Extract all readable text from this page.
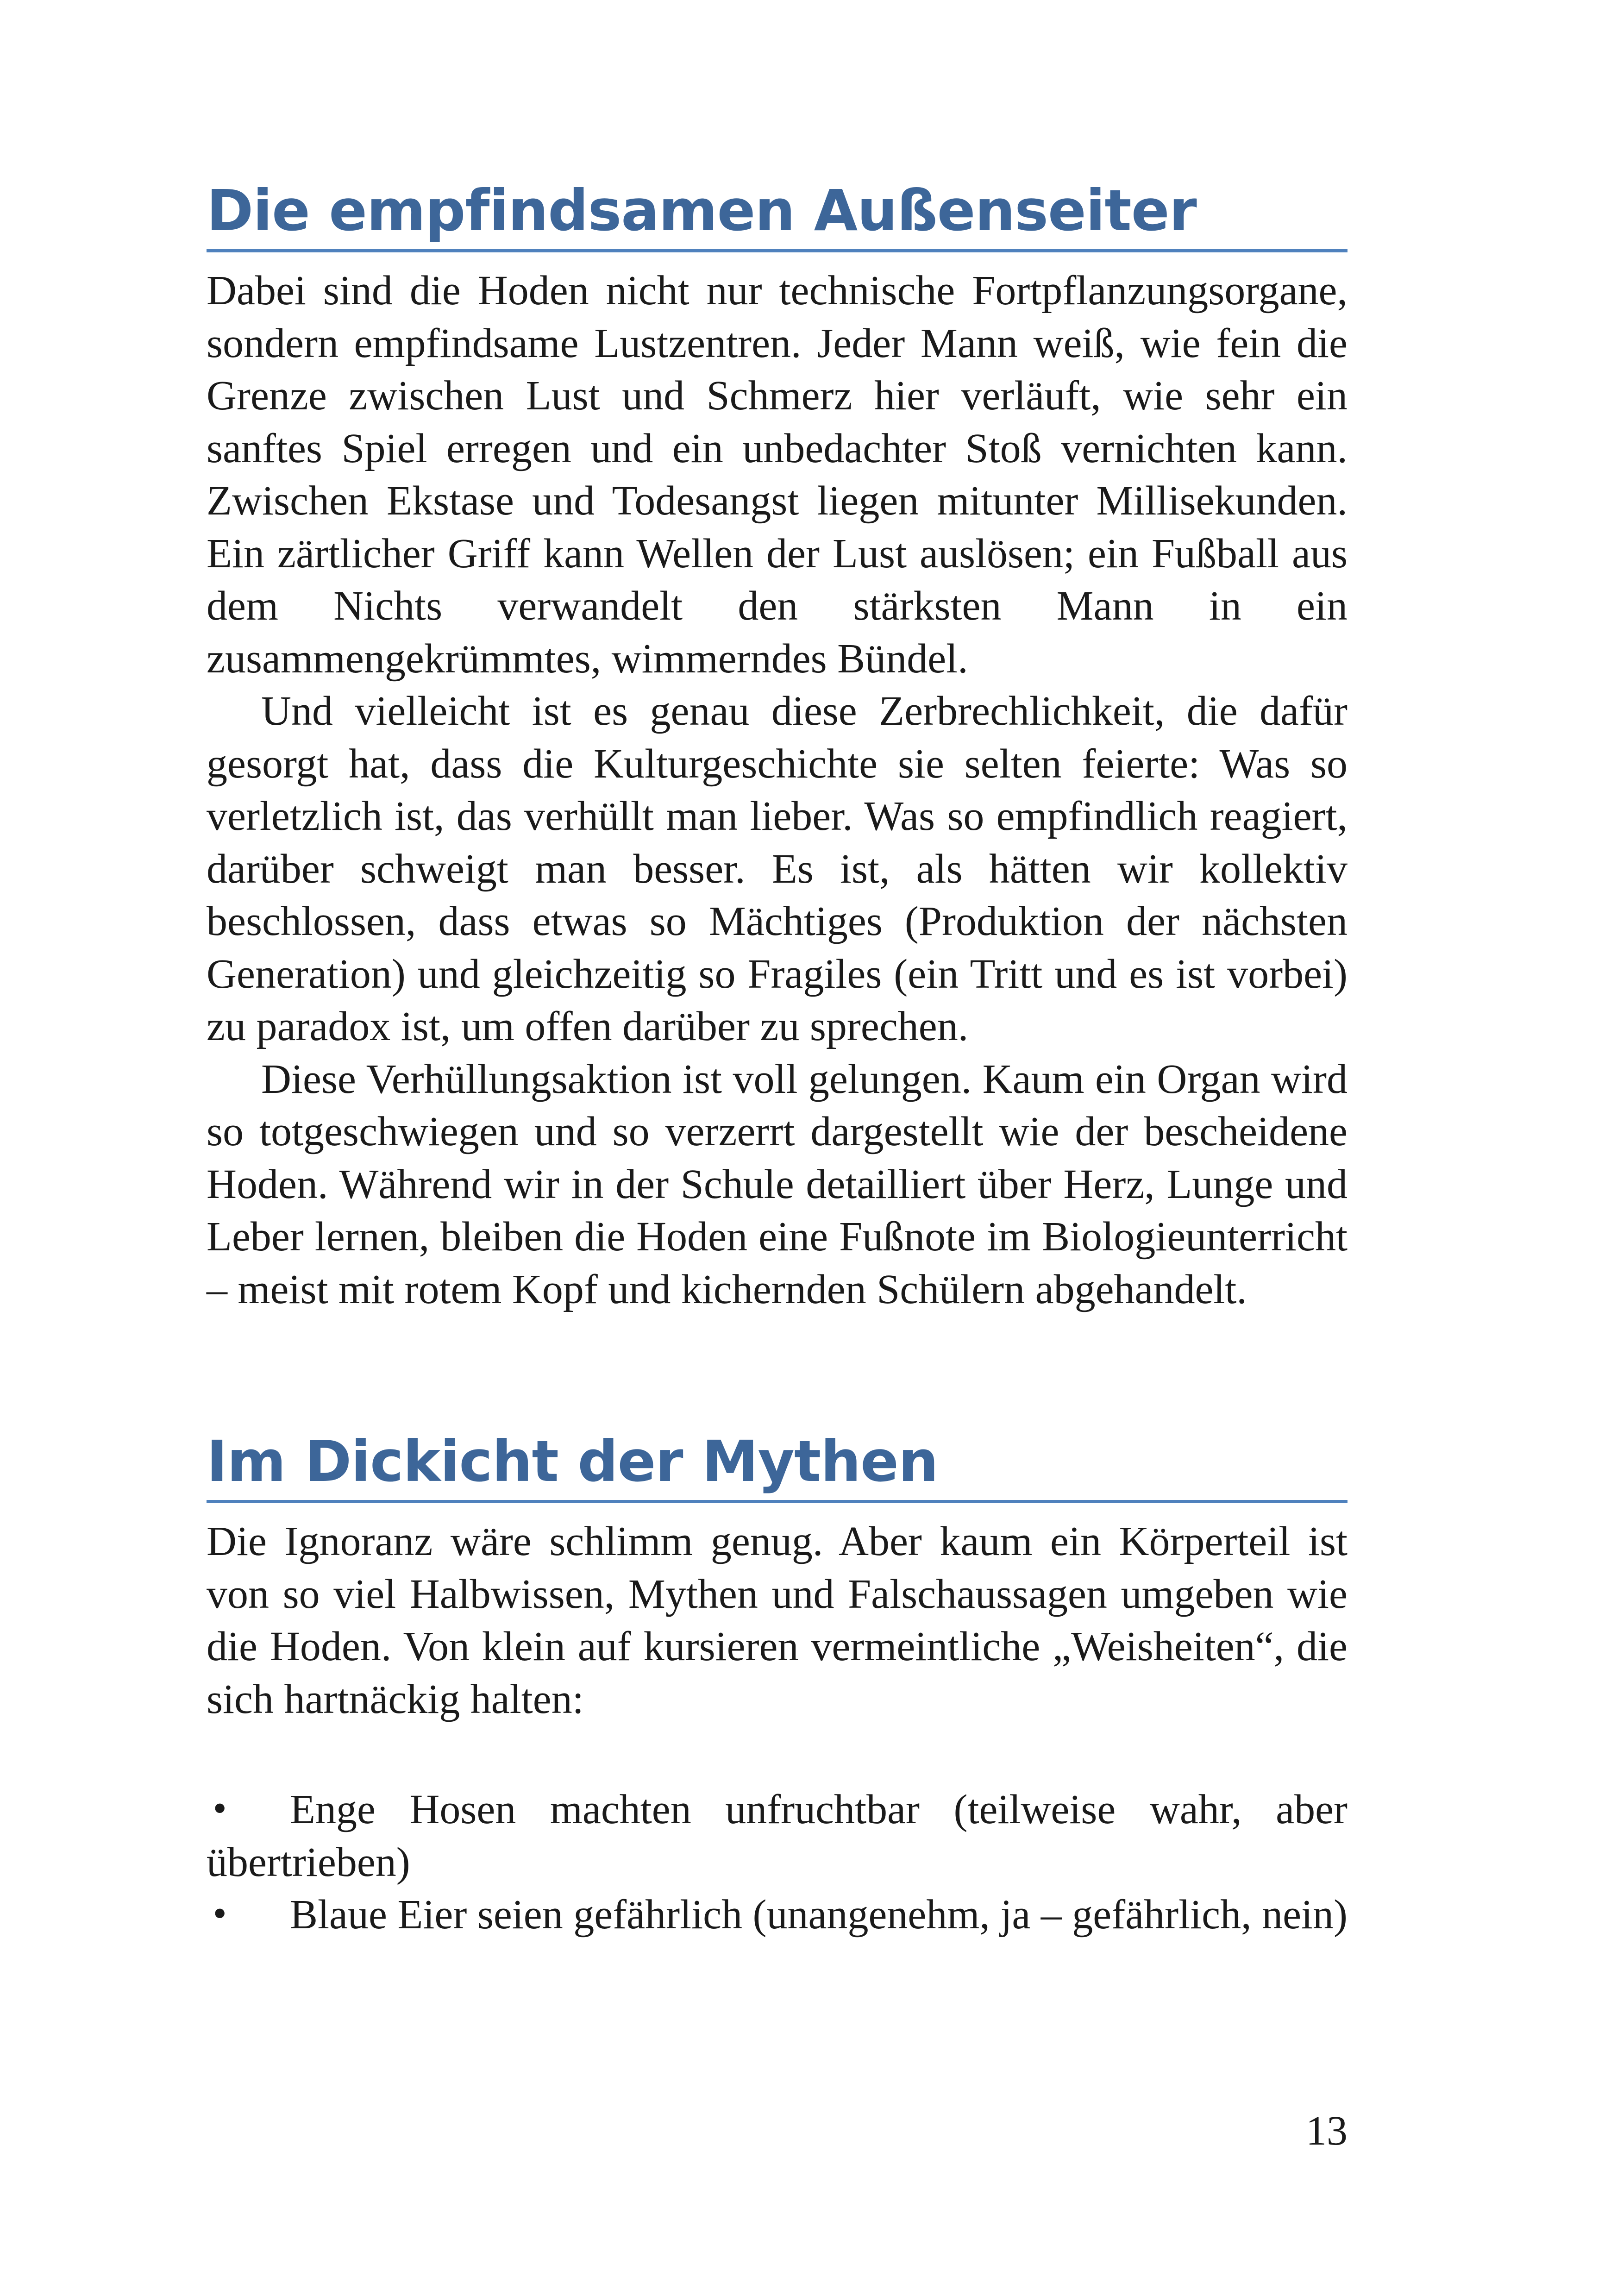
Die empfindsamen Außenseiter

Dabei sind die Hoden nicht nur technische Fortpflanzungsorgane, sondern empfindsame Lustzentren. Jeder Mann weiß, wie fein die Grenze zwischen Lust und Schmerz hier verläuft, wie sehr ein sanftes Spiel erregen und ein unbedachter Stoß vernichten kann. Zwischen Ekstase und Todesangst liegen mitunter Millisekunden. Ein zärtlicher Griff kann Wellen der Lust auslösen; ein Fußball aus dem Nichts verwandelt den stärksten Mann in ein zusammengekrümmtes, wimmerndes Bündel.

Und vielleicht ist es genau diese Zerbrechlichkeit, die dafür gesorgt hat, dass die Kulturgeschichte sie selten feierte: Was so verletzlich ist, das verhüllt man lieber. Was so empfindlich reagiert, darüber schweigt man besser. Es ist, als hätten wir kollektiv beschlossen, dass etwas so Mächtiges (Produktion der nächsten Generation) und gleichzeitig so Fragiles (ein Tritt und es ist vorbei) zu paradox ist, um offen darüber zu sprechen.

Diese Verhüllungsaktion ist voll gelungen. Kaum ein Organ wird so totgeschwiegen und so verzerrt dargestellt wie der bescheidene Hoden. Während wir in der Schule detailliert über Herz, Lunge und Leber lernen, bleiben die Hoden eine Fußnote im Biologieunterricht – meist mit rotem Kopf und kichernden Schülern abgehandelt.

Im Dickicht der Mythen

Die Ignoranz wäre schlimm genug. Aber kaum ein Körperteil ist von so viel Halbwissen, Mythen und Falschaussagen umgeben wie die Hoden. Von klein auf kursieren vermeintliche „Weisheiten“, die sich hartnäckig halten:

• Enge Hosen machten unfruchtbar (teilweise wahr, aber übertrieben)
• Blaue Eier seien gefährlich (unangenehm, ja – gefährlich, nein)
13
